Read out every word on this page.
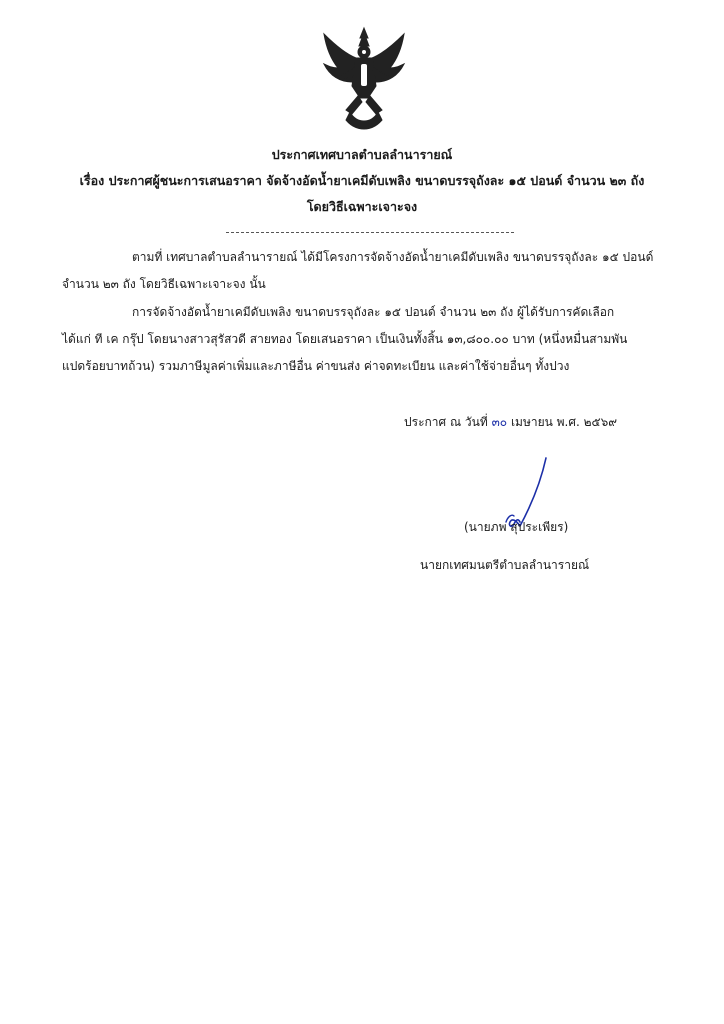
ประกาศเทศบาลตำบลลำนารายณ์
เรื่อง ประกาศผู้ชนะการเสนอราคา จัดจ้างอัดน้ำยาเคมีดับเพลิง ขนาดบรรจุถังละ ๑๕ ปอนด์ จำนวน ๒๓ ถัง
โดยวิธีเฉพาะเจาะจง
ตามที่ เทศบาลตำบลลำนารายณ์ ได้มีโครงการจัดจ้างอัดน้ำยาเคมีดับเพลิง ขนาดบรรจุถังละ ๑๕ ปอนด์
จำนวน ๒๓ ถัง โดยวิธีเฉพาะเจาะจง นั้น
การจัดจ้างอัดน้ำยาเคมีดับเพลิง ขนาดบรรจุถังละ ๑๕ ปอนด์ จำนวน ๒๓ ถัง ผู้ได้รับการคัดเลือก
ได้แก่ ที เค กรุ๊ป โดยนางสาวสุรัสวดี สายทอง โดยเสนอราคา เป็นเงินทั้งสิ้น ๑๓,๘๐๐.๐๐ บาท (หนึ่งหมื่นสามพัน
แปดร้อยบาทถ้วน) รวมภาษีมูลค่าเพิ่มและภาษีอื่น ค่าขนส่ง ค่าจดทะเบียน และค่าใช้จ่ายอื่นๆ ทั้งปวง
ประกาศ ณ วันที่ ๓๐ เมษายน พ.ศ. ๒๕๖๙
(นายภพ สุประเพียร)
นายกเทศมนตรีตำบลลำนารายณ์
